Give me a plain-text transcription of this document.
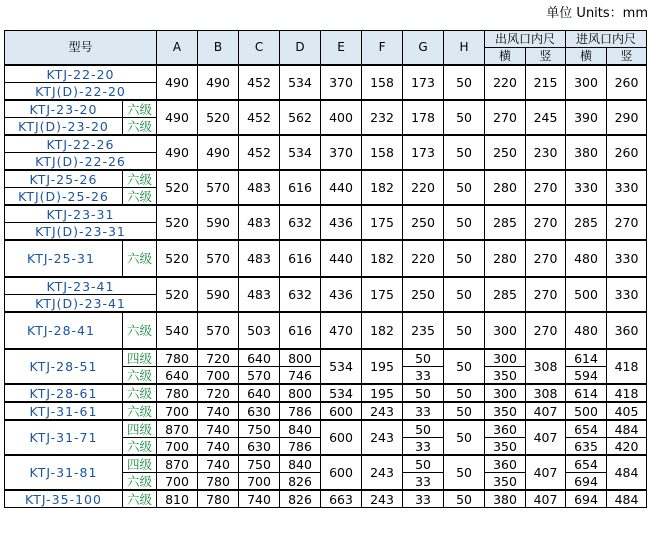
单位 Units：mm
型号		A	B	C	D	E	F	G	H	出风口内尺		进风口内尺	
										横	竖	横	竖
KTJ-22-20		490	490	452	534	370	158	173	50	220	215	300	260
KTJ(D)-22-20													
KTJ-23-20	六级	490	520	452	562	400	232	178	50	270	245	390	290
KTJ(D)-23-20	六级												
KTJ-22-26		490	490	452	534	370	158	173	50	250	230	380	260
KTJ(D)-22-26													
KTJ-25-26	六级	520	570	483	616	440	182	220	50	280	270	330	330
KTJ(D)-25-26	六级												
KTJ-23-31		520	590	483	632	436	175	250	50	285	270	285	270
KTJ(D)-23-31													
KTJ-25-31	六级	520	570	483	616	440	182	220	50	280	270	480	330
KTJ-23-41		520	590	483	632	436	175	250	50	285	270	500	330
KTJ(D)-23-41													
KTJ-28-41	六级	540	570	503	616	470	182	235	50	300	270	480	360
KTJ-28-51	四级	780	720	640	800	534	195	50	50	300	308	614	418
	六级	640	700	570	746			33		350		594	
KTJ-28-61	六级	780	720	640	800	534	195	50	50	300	308	614	418
KTJ-31-61	六级	700	740	630	786	600	243	33	50	350	407	500	405
KTJ-31-71	四级	870	740	750	840	600	243	50	50	360	407	654	484
	六级	700	740	630	786			33		350		635	420
KTJ-31-81	四级	870	740	750	840	600	243	50	50	360	407	654	484
	六级	700	780	700	826			33		350		694	
KTJ-35-100	六级	810	780	740	826	663	243	33	50	380	407	694	484
